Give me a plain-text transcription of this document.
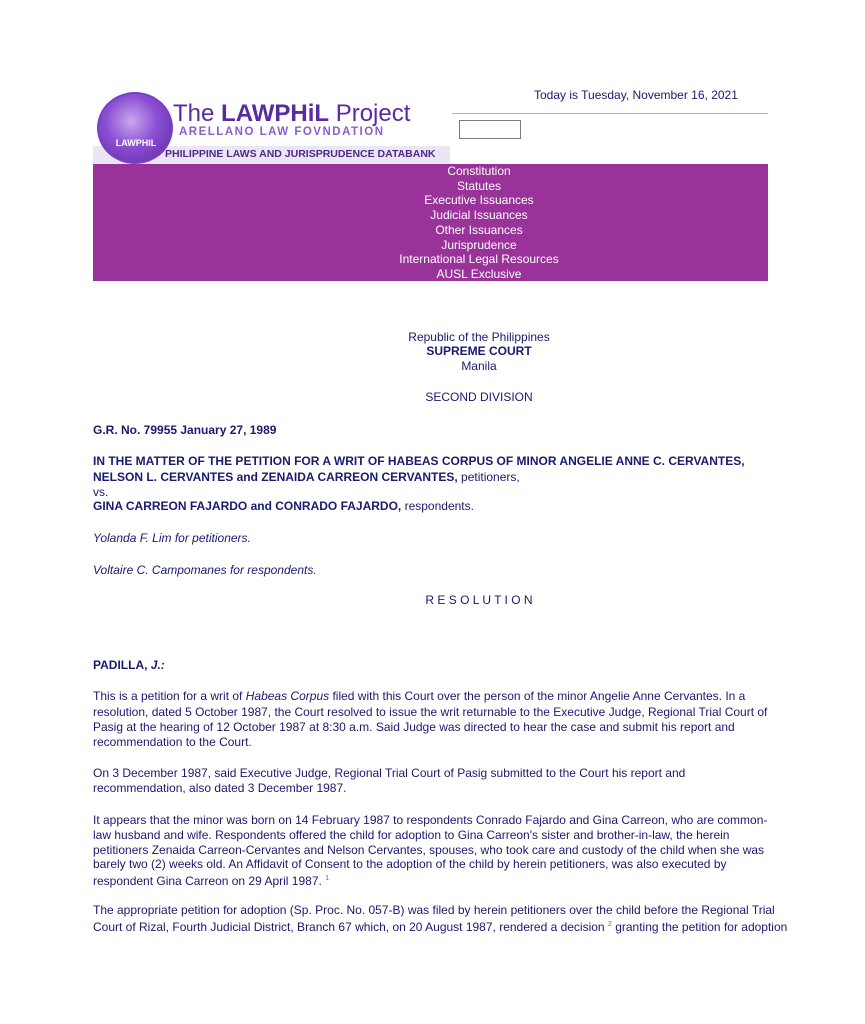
LAWPHIL
The LAWPHiL Project
ARELLANO LAW FOVNDATION
PHILIPPINE LAWS AND JURISPRUDENCE DATABANK
Today is Tuesday, November 16, 2021
Constitution
Statutes
Executive Issuances
Judicial Issuances
Other Issuances
Jurisprudence
International Legal Resources
AUSL Exclusive
Republic of the Philippines
SUPREME COURT
Manila
SECOND DIVISION
G.R. No. 79955 January 27, 1989
IN THE MATTER OF THE PETITION FOR A WRIT OF HABEAS CORPUS OF MINOR ANGELIE ANNE C. CERVANTES,
NELSON L. CERVANTES and ZENAIDA CARREON CERVANTES, petitioners,
vs.
GINA CARREON FAJARDO and CONRADO FAJARDO, respondents.
Yolanda F. Lim for petitioners.
Voltaire C. Campomanes for respondents.
R E S O L U T I O N
PADILLA, J.:
This is a petition for a writ of Habeas Corpus filed with this Court over the person of the minor Angelie Anne Cervantes. In a
resolution, dated 5 October 1987, the Court resolved to issue the writ returnable to the Executive Judge, Regional Trial Court of
Pasig at the hearing of 12 October 1987 at 8:30 a.m. Said Judge was directed to hear the case and submit his report and
recommendation to the Court.
On 3 December 1987, said Executive Judge, Regional Trial Court of Pasig submitted to the Court his report and
recommendation, also dated 3 December 1987.
It appears that the minor was born on 14 February 1987 to respondents Conrado Fajardo and Gina Carreon, who are common-
law husband and wife. Respondents offered the child for adoption to Gina Carreon's sister and brother-in-law, the herein
petitioners Zenaida Carreon-Cervantes and Nelson Cervantes, spouses, who took care and custody of the child when she was
barely two (2) weeks old. An Affidavit of Consent to the adoption of the child by herein petitioners, was also executed by
respondent Gina Carreon on 29 April 1987. $^1$
The appropriate petition for adoption (Sp. Proc. No. 057-B) was filed by herein petitioners over the child before the Regional Trial
Court of Rizal, Fourth Judicial District, Branch 67 which, on 20 August 1987, rendered a decision $^2$ granting the petition for adoption
